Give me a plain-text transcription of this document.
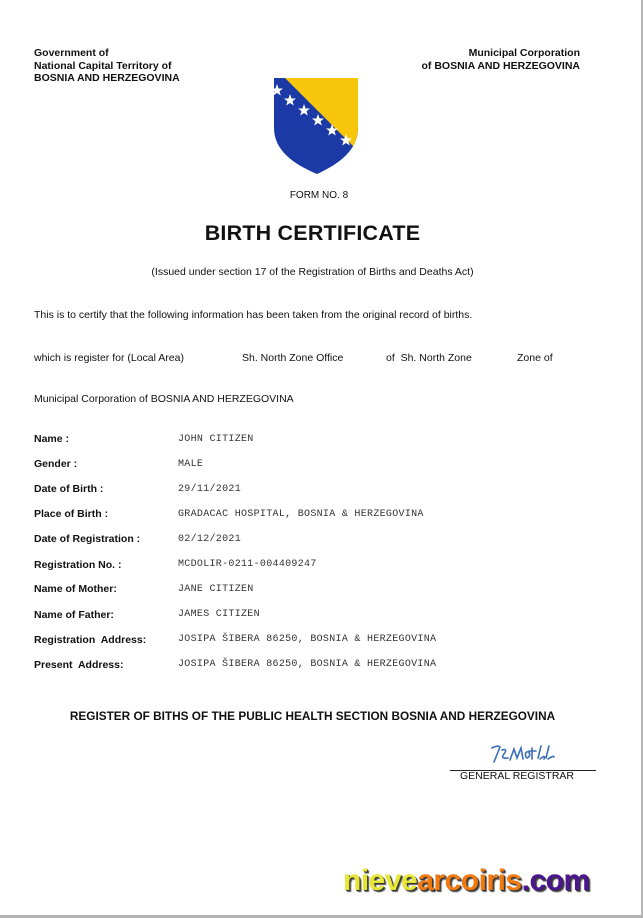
Government of
National Capital Territory of
BOSNIA AND HERZEGOVINA
Municipal Corporation
of BOSNIA AND HERZEGOVINA
FORM NO. 8
BIRTH CERTIFICATE
(Issued under section 17 of the Registration of Births and Deaths Act)
This is to certify that the following information has been taken from the original record of births.
which is register for (Local Area)	Sh. North Zone Office	of  Sh. North Zone	Zone of
Municipal Corporation of BOSNIA AND HERZEGOVINA
Name :	JOHN CITIZEN
Gender :	MALE
Date of Birth :	29/11/2021
Place of Birth :	GRADACAC HOSPITAL, BOSNIA & HERZEGOVINA
Date of Registration :	02/12/2021
Registration No. :	MCDOLIR-0211-004409247
Name of Mother:	JANE CITIZEN
Name of Father:	JAMES CITIZEN
Registration  Address:	JOSIPA ŠIBERA 86250, BOSNIA & HERZEGOVINA
Present  Address:	JOSIPA ŠIBERA 86250, BOSNIA & HERZEGOVINA
REGISTER OF BITHS OF THE PUBLIC HEALTH SECTION BOSNIA AND HERZEGOVINA
GENERAL REGISTRAR
nievearcoiris.com
